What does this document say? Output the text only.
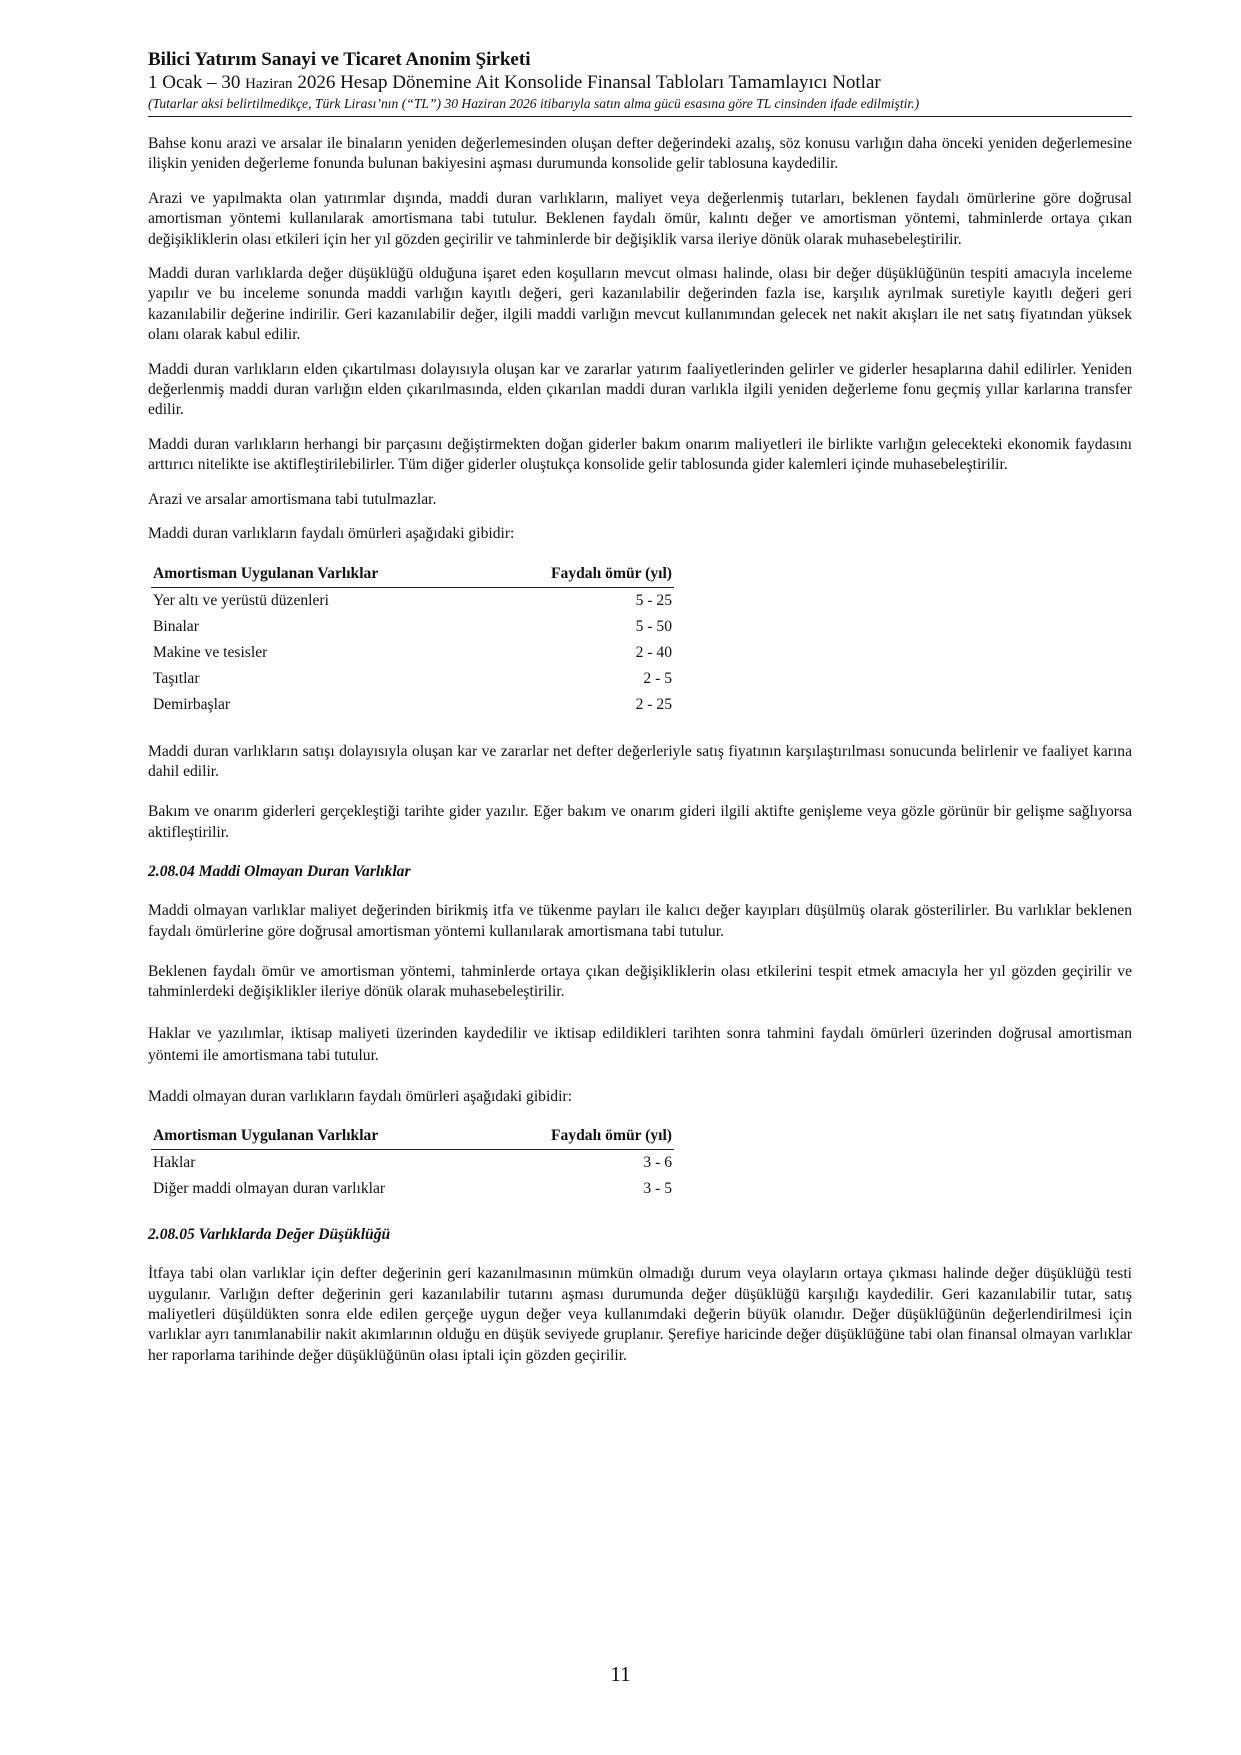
Bilici Yatırım Sanayi ve Ticaret Anonim Şirketi
1 Ocak – 30 Haziran 2026 Hesap Dönemine Ait Konsolide Finansal Tabloları Tamamlayıcı Notlar
(Tutarlar aksi belirtilmedikçe, Türk Lirası’nın (“TL”) 30 Haziran 2026 itibarıyla satın alma gücü esasına göre TL cinsinden ifade edilmiştir.)

Bahse konu arazi ve arsalar ile binaların yeniden değerlemesinden oluşan defter değerindeki azalış, söz konusu varlığın daha önceki yeniden değerlemesine ilişkin yeniden değerleme fonunda bulunan bakiyesini aşması durumunda konsolide gelir tablosuna kaydedilir.

Arazi ve yapılmakta olan yatırımlar dışında, maddi duran varlıkların, maliyet veya değerlenmiş tutarları, beklenen faydalı ömürlerine göre doğrusal amortisman yöntemi kullanılarak amortismana tabi tutulur. Beklenen faydalı ömür, kalıntı değer ve amortisman yöntemi, tahminlerde ortaya çıkan değişikliklerin olası etkileri için her yıl gözden geçirilir ve tahminlerde bir değişiklik varsa ileriye dönük olarak muhasebeleştirilir.

Maddi duran varlıklarda değer düşüklüğü olduğuna işaret eden koşulların mevcut olması halinde, olası bir değer düşüklüğünün tespiti amacıyla inceleme yapılır ve bu inceleme sonunda maddi varlığın kayıtlı değeri, geri kazanılabilir değerinden fazla ise, karşılık ayrılmak suretiyle kayıtlı değeri geri kazanılabilir değerine indirilir. Geri kazanılabilir değer, ilgili maddi varlığın mevcut kullanımından gelecek net nakit akışları ile net satış fiyatından yüksek olanı olarak kabul edilir.

Maddi duran varlıkların elden çıkartılması dolayısıyla oluşan kar ve zararlar yatırım faaliyetlerinden gelirler ve giderler hesaplarına dahil edilirler. Yeniden değerlenmiş maddi duran varlığın elden çıkarılmasında, elden çıkarılan maddi duran varlıkla ilgili yeniden değerleme fonu geçmiş yıllar karlarına transfer edilir.

Maddi duran varlıkların herhangi bir parçasını değiştirmekten doğan giderler bakım onarım maliyetleri ile birlikte varlığın gelecekteki ekonomik faydasını arttırıcı nitelikte ise aktifleştirilebilirler. Tüm diğer giderler oluştukça konsolide gelir tablosunda gider kalemleri içinde muhasebeleştirilir.

Arazi ve arsalar amortismana tabi tutulmazlar.

Maddi duran varlıkların faydalı ömürleri aşağıdaki gibidir:

Amortisman Uygulanan Varlıklar	Faydalı ömür (yıl)
Yer altı ve yerüstü düzenleri	5 - 25
Binalar	5 - 50
Makine ve tesisler	2 - 40
Taşıtlar	2 - 5
Demirbaşlar	2 - 25

Maddi duran varlıkların satışı dolayısıyla oluşan kar ve zararlar net defter değerleriyle satış fiyatının karşılaştırılması sonucunda belirlenir ve faaliyet karına dahil edilir.

Bakım ve onarım giderleri gerçekleştiği tarihte gider yazılır. Eğer bakım ve onarım gideri ilgili aktifte genişleme veya gözle görünür bir gelişme sağlıyorsa aktifleştirilir.

2.08.04 Maddi Olmayan Duran Varlıklar

Maddi olmayan varlıklar maliyet değerinden birikmiş itfa ve tükenme payları ile kalıcı değer kayıpları düşülmüş olarak gösterilirler. Bu varlıklar beklenen faydalı ömürlerine göre doğrusal amortisman yöntemi kullanılarak amortismana tabi tutulur.

Beklenen faydalı ömür ve amortisman yöntemi, tahminlerde ortaya çıkan değişikliklerin olası etkilerini tespit etmek amacıyla her yıl gözden geçirilir ve tahminlerdeki değişiklikler ileriye dönük olarak muhasebeleştirilir.

Haklar ve yazılımlar, iktisap maliyeti üzerinden kaydedilir ve iktisap edildikleri tarihten sonra tahmini faydalı ömürleri üzerinden doğrusal amortisman yöntemi ile amortismana tabi tutulur.

Maddi olmayan duran varlıkların faydalı ömürleri aşağıdaki gibidir:

Amortisman Uygulanan Varlıklar	Faydalı ömür (yıl)
Haklar	3 - 6
Diğer maddi olmayan duran varlıklar	3 - 5
2.08.05 Varlıklarda Değer Düşüklüğü

İtfaya tabi olan varlıklar için defter değerinin geri kazanılmasının mümkün olmadığı durum veya olayların ortaya çıkması halinde değer düşüklüğü testi uygulanır. Varlığın defter değerinin geri kazanılabilir tutarını aşması durumunda değer düşüklüğü karşılığı kaydedilir. Geri kazanılabilir tutar, satış maliyetleri düşüldükten sonra elde edilen gerçeğe uygun değer veya kullanımdaki değerin büyük olanıdır. Değer düşüklüğünün değerlendirilmesi için varlıklar ayrı tanımlanabilir nakit akımlarının olduğu en düşük seviyede gruplanır. Şerefiye haricinde değer düşüklüğüne tabi olan finansal olmayan varlıklar her raporlama tarihinde değer düşüklüğünün olası iptali için gözden geçirilir.

11
